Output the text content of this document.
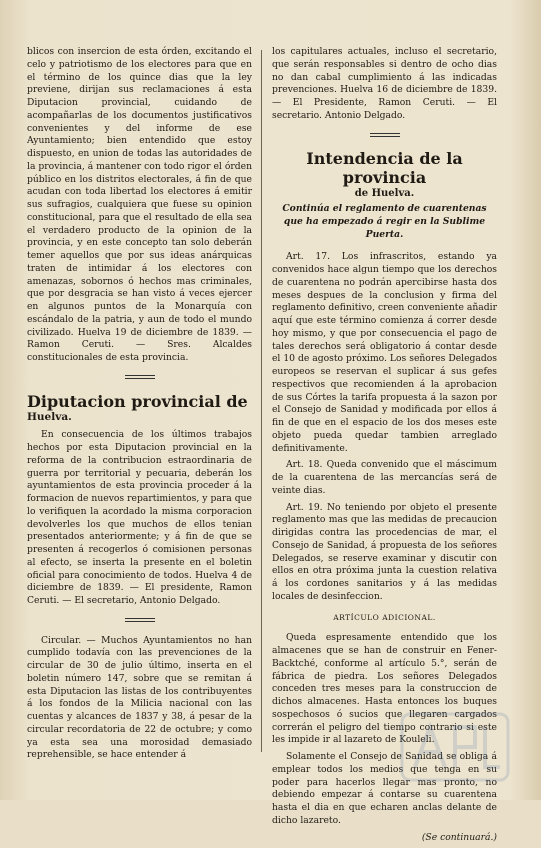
blicos con insercion de esta órden, excitando el celo y patriotismo de los electores para que en el término de los quince dias que la ley previene, dirijan sus reclamaciones á esta Diputacion provincial, cuidando de acompañarlas de los documentos justificativos convenientes y del informe de ese Ayuntamiento; bien entendido que estoy dispuesto, en union de todas las autoridades de la provincia, á mantener con todo rigor el órden público en los distritos electorales, á fin de que acudan con toda libertad los electores á emitir sus sufragios, cualquiera que fuese su opinion constitucional, para que el resultado de ella sea el verdadero producto de la opinion de la provincia, y en este concepto tan solo deberán temer aquellos que por sus ideas anárquicas traten de intimidar á los electores con amenazas, sobornos ó hechos mas criminales, que por desgracia se han visto á veces ejercer en algunos puntos de la Monarquía con escándalo de la patria, y aun de todo el mundo civilizado. Huelva 19 de diciembre de 1839. — Ramon Ceruti. — Sres. Alcaldes constitucionales de esta provincia.

Diputacion provincial de

Huelva.

En consecuencia de los últimos trabajos hechos por esta Diputacion provincial en la reforma de la contribucion estraordinaria de guerra por territorial y pecuaria, deberán los ayuntamientos de esta provincia proceder á la formacion de nuevos repartimientos, y para que lo verifiquen la acordado la misma corporacion devolverles los que muchos de ellos tenian presentados anteriormente; y á fin de que se presenten á recogerlos ó comisionen personas al efecto, se inserta la presente en el boletin oficial para conocimiento de todos. Huelva 4 de diciembre de 1839. — El presidente, Ramon Ceruti. — El secretario, Antonio Delgado.

Circular. — Muchos Ayuntamientos no han cumplido todavía con las prevenciones de la circular de 30 de julio último, inserta en el boletin número 147, sobre que se remitan á esta Diputacion las listas de los contribuyentes á los fondos de la Milicia nacional con las cuentas y alcances de 1837 y 38, á pesar de la circular recordatoria de 22 de octubre; y como ya esta sea una morosidad demasiado reprehensible, se hace entender á

los capitulares actuales, incluso el secretario, que serán responsables si dentro de ocho dias no dan cabal cumplimiento á las indicadas prevenciones. Huelva 16 de diciembre de 1839. — El Presidente, Ramon Ceruti. — El secretario. Antonio Delgado.

Intendencia de la provincia

de Huelva.

Continúa el reglamento de cuarentenas que ha empezado á regir en la Sublime Puerta.

Art. 17. Los infrascritos, estando ya convenidos hace algun tiempo que los derechos de cuarentena no podrán apercibirse hasta dos meses despues de la conclusion y firma del reglamento definitivo, creen conveniente añadir aquí que este término comienza á correr desde hoy mismo, y que por consecuencia el pago de tales derechos será obligatorio á contar desde el 10 de agosto próximo. Los señores Delegados europeos se reservan el suplicar á sus gefes respectivos que recomienden á la aprobacion de sus Córtes la tarifa propuesta á la sazon por el Consejo de Sanidad y modificada por ellos á fin de que en el espacio de los dos meses este objeto pueda quedar tambien arreglado definitivamente.

Art. 18. Queda convenido que el máscimum de la cuarentena de las mercancías será de veinte dias.

Art. 19. No teniendo por objeto el presente reglamento mas que las medidas de precaucion dirigidas contra las procedencias de mar, el Consejo de Sanidad, á propuesta de los señores Delegados, se reserve examinar y discutir con ellos en otra próxima junta la cuestion relativa á los cordones sanitarios y á las medidas locales de desinfeccion.

ARTÍCULO ADICIONAL.

Queda espresamente entendido que los almacenes que se han de construir en Fener-Backtché, conforme al artículo 5.°, serán de fábrica de piedra. Los señores Delegados conceden tres meses para la construccion de dichos almacenes. Hasta entonces los buques sospechosos ó sucios que llegaren cargados correrán el peligro del tiempo contrario si este les impide ir al lazareto de Kouleli.

Solamente el Consejo de Sanidad se obliga á emplear todos los medios que tenga en su poder para hacerlos llegar mas pronto, no debiendo empezar á contarse su cuarentena hasta el dia en que echaren anclas delante de dicho lazareto.

(Se continuará.)
